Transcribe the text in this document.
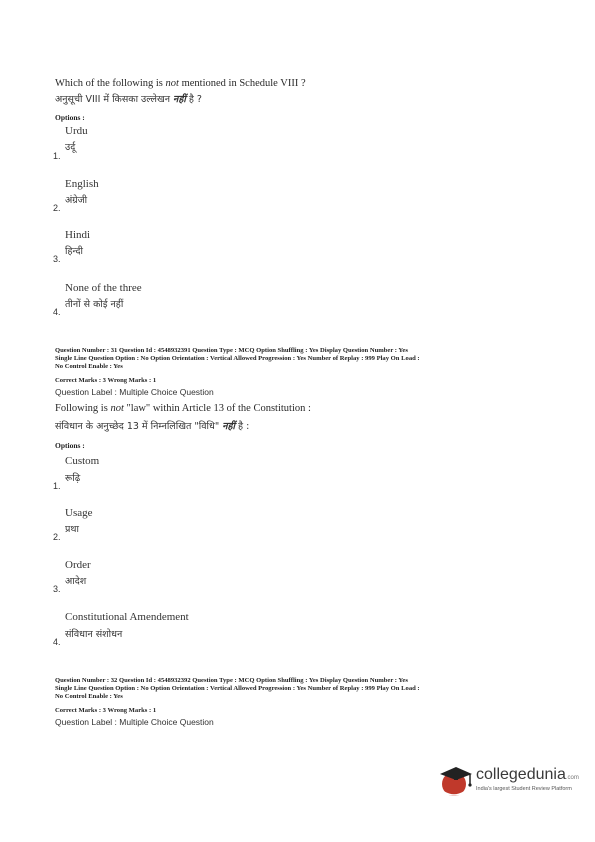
Which of the following is not mentioned in Schedule VIII ?
अनुसूची VIII में किसका उल्लेखन नहीं है ?
Options :
Urdu
उर्दू
1.
English
अंग्रेजी
2.
Hindi
हिन्दी
3.
None of the three
तीनों से कोई नहीं
4.
Question Number : 31 Question Id : 4548932391 Question Type : MCQ Option Shuffling : Yes Display Question Number : Yes
Single Line Question Option : No Option Orientation : Vertical Allowed Progression : Yes Number of Replay : 999 Play On Load :
No Control Enable : Yes
Correct Marks : 3 Wrong Marks : 1
Question Label : Multiple Choice Question
Following is not "law" within Article 13 of the Constitution :
संविधान के अनुच्छेद 13 में निम्नलिखित "विधि" नहीं है :
Options :
Custom
रूढ़ि
1.
Usage
प्रथा
2.
Order
आदेश
3.
Constitutional Amendement
संविधान संशोधन
4.
Question Number : 32 Question Id : 4548932392 Question Type : MCQ Option Shuffling : Yes Display Question Number : Yes
Single Line Question Option : No Option Orientation : Vertical Allowed Progression : Yes Number of Replay : 999 Play On Load :
No Control Enable : Yes
Correct Marks : 3 Wrong Marks : 1
Question Label : Multiple Choice Question
collegedunia.com
India's largest Student Review Platform
